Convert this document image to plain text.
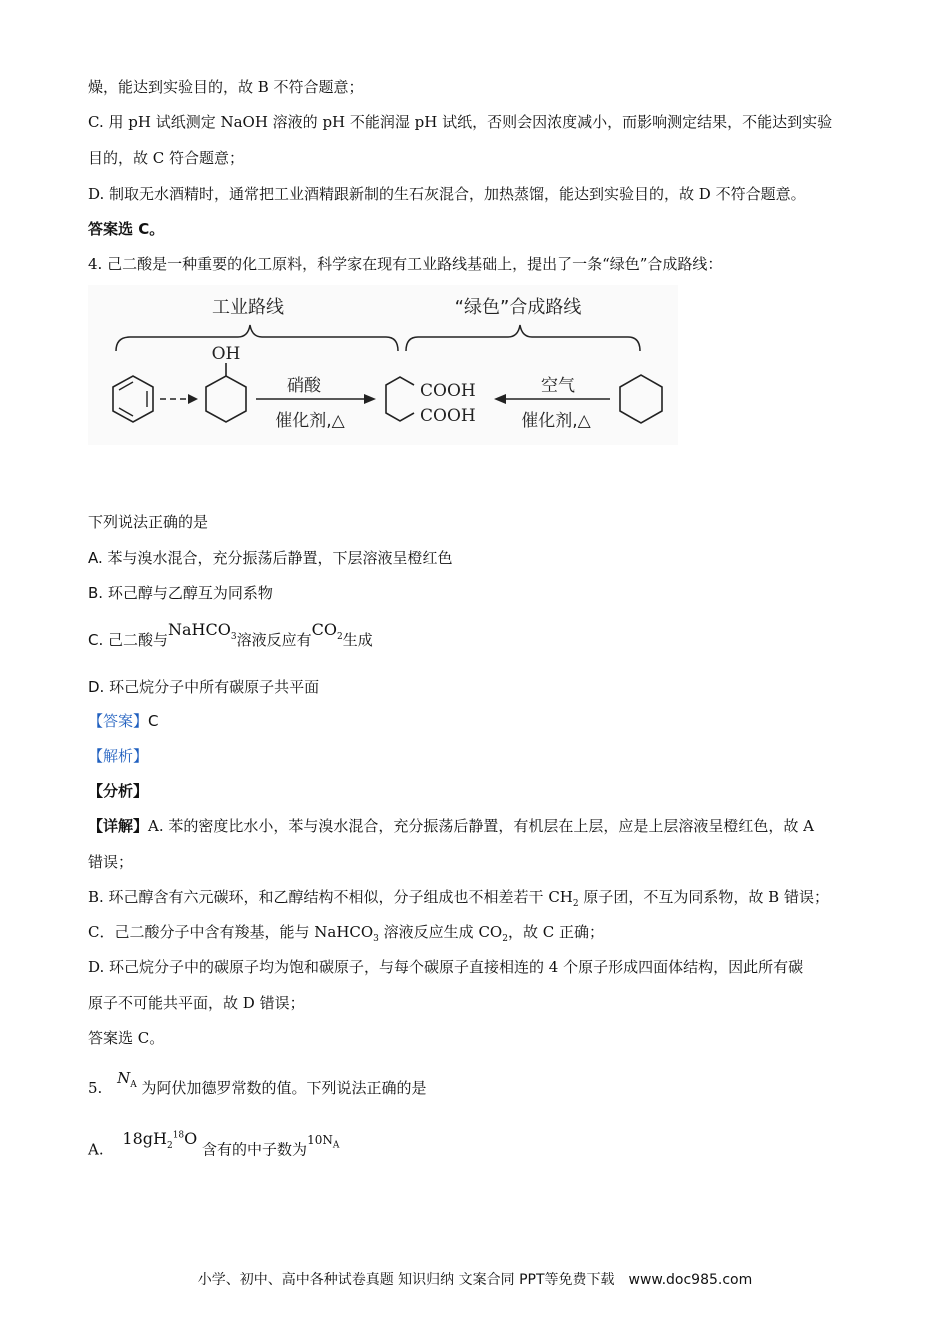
燥，能达到实验目的，故 B 不符合题意；
C. 用 pH 试纸测定 NaOH 溶液的 pH 不能润湿 pH 试纸，否则会因浓度减小，而影响测定结果，不能达到实验
目的，故 C 符合题意；
D. 制取无水酒精时，通常把工业酒精跟新制的生石灰混合，加热蒸馏，能达到实验目的，故 D 不符合题意。
答案选 C。
4. 己二酸是一种重要的化工原料，科学家在现有工业路线基础上，提出了一条“绿色”合成路线：
工业路线	“绿色”合成路线
OH
硝酸
催化剂,△
COOH
COOH
空气
催化剂,△
下列说法正确的是
A. 苯与溴水混合，充分振荡后静置，下层溶液呈橙红色
B. 环己醇与乙醇互为同系物
C. 己二酸与NaHCO$_3$溶液反应有$CO_2$生成
D. 环己烷分子中所有碳原子共平面
【答案】C
【解析】
【分析】
【详解】A. 苯的密度比水小，苯与溴水混合，充分振荡后静置，有机层在上层，应是上层溶液呈橙红色，故 A
错误；
B. 环己醇含有六元碳环，和乙醇结构不相似，分子组成也不相差若干 $CH_2$ 原子团，不互为同系物，故 B 错误；
C．己二酸分子中含有羧基，能与 NaHCO$_3$ 溶液反应生成 $CO_2$，故 C 正确；
D. 环己烷分子中的碳原子均为饱和碳原子，与每个碳原子直接相连的 4 个原子形成四面体结构，因此所有碳
原子不可能共平面，故 D 错误；
答案选 C。
5. $N_A$ 为阿伏加德罗常数的值。下列说法正确的是
A. $18gH_2^{18}O$ 含有的中子数为$^{10N_A}$
小学、初中、高中各种试卷真题 知识归纳 文案合同 PPT等免费下载 www.doc985.com
